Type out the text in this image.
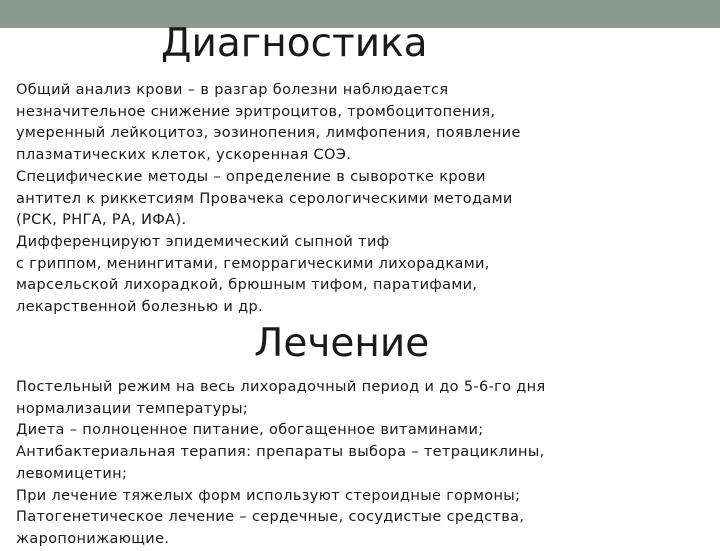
Диагностика
Общий анализ крови – в разгар болезни наблюдается
незначительное снижение эритроцитов, тромбоцитопения,
умеренный лейкоцитоз, эозинопения, лимфопения, появление
плазматических клеток, ускоренная СОЭ.
Специфические методы – определение в сыворотке крови
антител к риккетсиям Провачека серологическими методами
(РСК, РНГА, РА, ИФА).
Дифференцируют эпидемический сыпной тиф
с гриппом, менингитами, геморрагическими лихорадками,
марсельской лихорадкой, брюшным тифом, паратифами,
лекарственной болезнью и др.
Лечение
Постельный режим на весь лихорадочный период и до 5-6-го дня
нормализации температуры;
Диета – полноценное питание, обогащенное витаминами;
Антибактериальная терапия: препараты выбора – тетрациклины,
левомицетин;
При лечение тяжелых форм используют стероидные гормоны;
Патогенетическое лечение – сердечные, сосудистые средства,
жаропонижающие.
